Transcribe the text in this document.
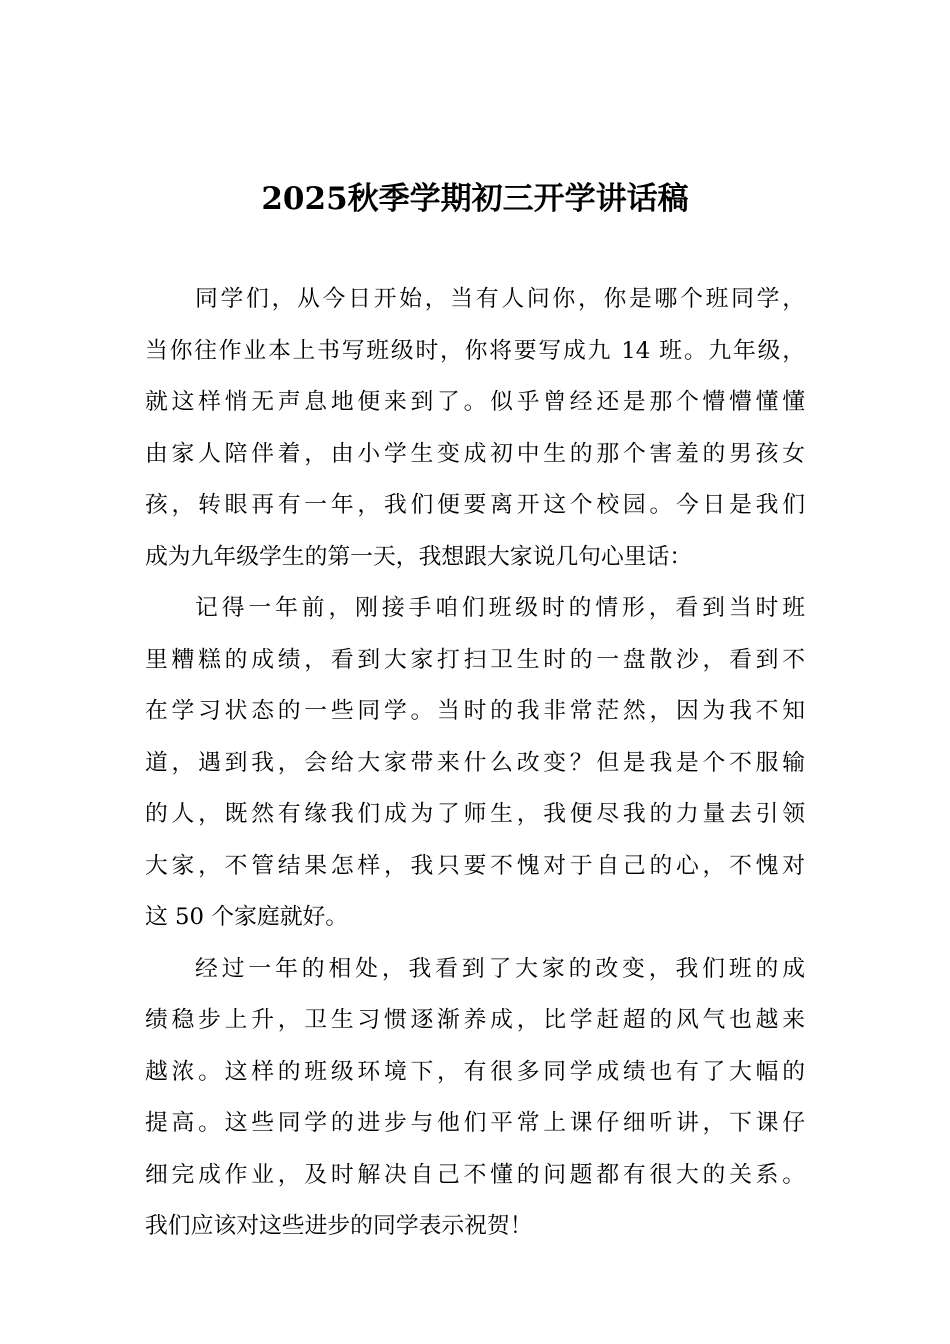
2025秋季学期初三开学讲话稿
同学们，从今日开始，当有人问你，你是哪个班同学，
当你往作业本上书写班级时，你将要写成九 14 班。九年级，
就这样悄无声息地便来到了。似乎曾经还是那个懵懵懂懂
由家人陪伴着，由小学生变成初中生的那个害羞的男孩女
孩，转眼再有一年，我们便要离开这个校园。今日是我们
成为九年级学生的第一天，我想跟大家说几句心里话：
记得一年前，刚接手咱们班级时的情形，看到当时班
里糟糕的成绩，看到大家打扫卫生时的一盘散沙，看到不
在学习状态的一些同学。当时的我非常茫然，因为我不知
道，遇到我，会给大家带来什么改变？但是我是个不服输
的人，既然有缘我们成为了师生，我便尽我的力量去引领
大家，不管结果怎样，我只要不愧对于自己的心，不愧对
这 50 个家庭就好。
经过一年的相处，我看到了大家的改变，我们班的成
绩稳步上升，卫生习惯逐渐养成，比学赶超的风气也越来
越浓。这样的班级环境下，有很多同学成绩也有了大幅的
提高。这些同学的进步与他们平常上课仔细听讲，下课仔
细完成作业，及时解决自己不懂的问题都有很大的关系。
我们应该对这些进步的同学表示祝贺！
